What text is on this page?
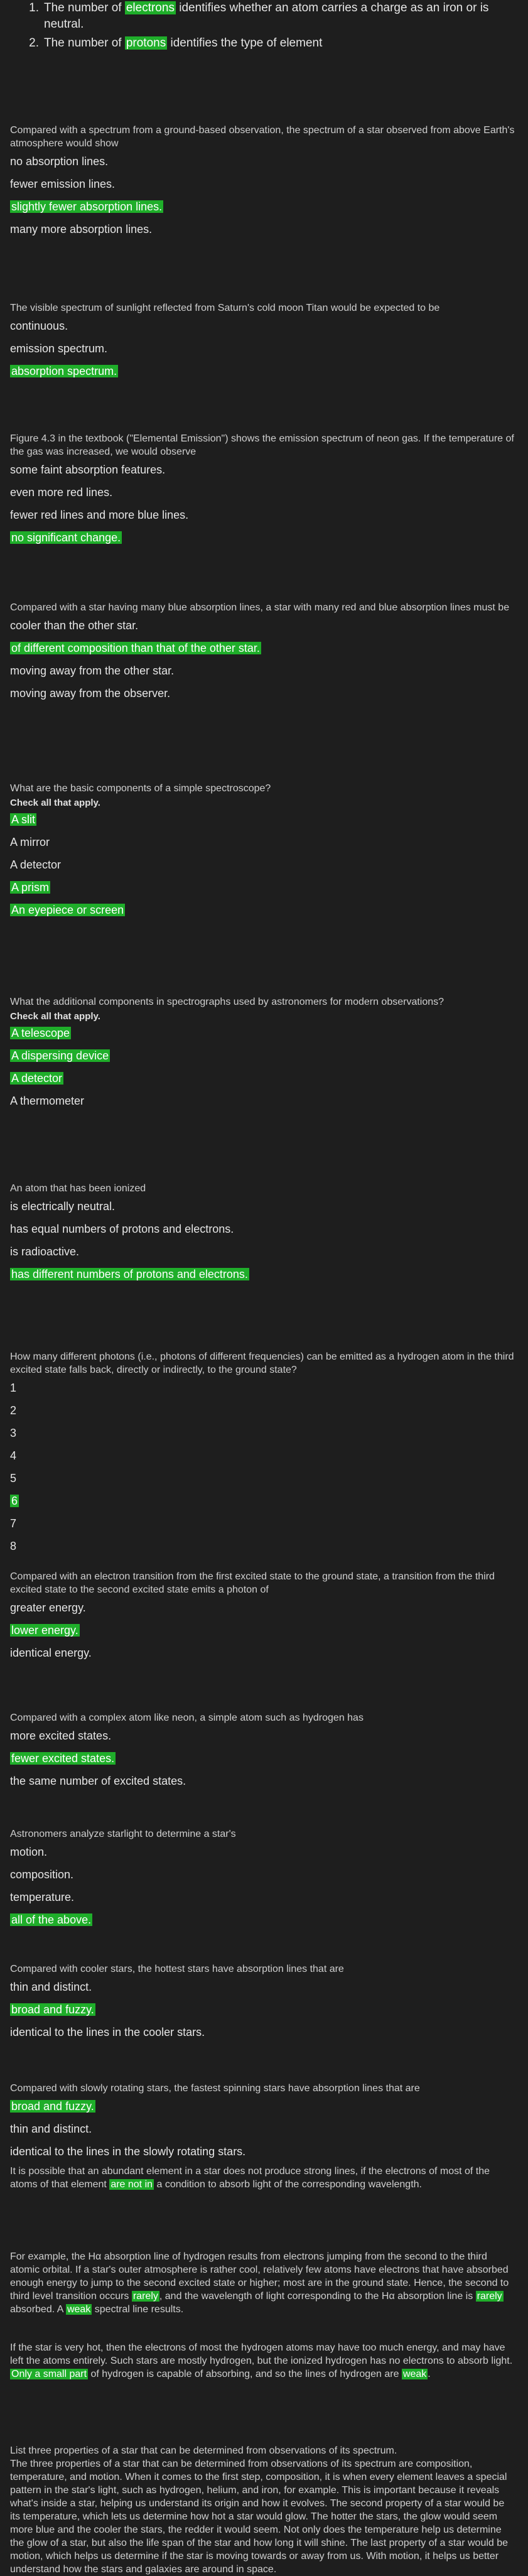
1. The number of electrons identifies whether an atom carries a charge as an iron or is neutral.
2. The number of protons identifies the type of element
Compared with a spectrum from a ground-based observation, the spectrum of a star observed from above Earth's atmosphere would show
no absorption lines.
fewer emission lines.
slightly fewer absorption lines.
many more absorption lines.
The visible spectrum of sunlight reflected from Saturn's cold moon Titan would be expected to be
continuous.
emission spectrum.
absorption spectrum.
Figure 4.3 in the textbook ("Elemental Emission") shows the emission spectrum of neon gas. If the temperature of the gas was increased, we would observe
some faint absorption features.
even more red lines.
fewer red lines and more blue lines.
no significant change.
Compared with a star having many blue absorption lines, a star with many red and blue absorption lines must be
cooler than the other star.
of different composition than that of the other star.
moving away from the other star.
moving away from the observer.
What are the basic components of a simple spectroscope?
Check all that apply.
A slit
A mirror
A detector
A prism
An eyepiece or screen
What the additional components in spectrographs used by astronomers for modern observations?
Check all that apply.
A telescope
A dispersing device
A detector
A thermometer
An atom that has been ionized
is electrically neutral.
has equal numbers of protons and electrons.
is radioactive.
has different numbers of protons and electrons.
How many different photons (i.e., photons of different frequencies) can be emitted as a hydrogen atom in the third excited state falls back, directly or indirectly, to the ground state?
1
2
3
4
5
6
7
8
Compared with an electron transition from the first excited state to the ground state, a transition from the third excited state to the second excited state emits a photon of
greater energy.
lower energy.
identical energy.
Compared with a complex atom like neon, a simple atom such as hydrogen has
more excited states.
fewer excited states.
the same number of excited states.
Astronomers analyze starlight to determine a star's
motion.
composition.
temperature.
all of the above.
Compared with cooler stars, the hottest stars have absorption lines that are
thin and distinct.
broad and fuzzy.
identical to the lines in the cooler stars.
Compared with slowly rotating stars, the fastest spinning stars have absorption lines that are
broad and fuzzy.
thin and distinct.
identical to the lines in the slowly rotating stars.
It is possible that an abundant element in a star does not produce strong lines, if the electrons of most of the atoms of that element are not in a condition to absorb light of the corresponding wavelength.
For example, the Hα absorption line of hydrogen results from electrons jumping from the second to the third atomic orbital. If a star's outer atmosphere is rather cool, relatively few atoms have electrons that have absorbed enough energy to jump to the second excited state or higher; most are in the ground state. Hence, the second to third level transition occurs rarely , and the wavelength of light corresponding to the Hα absorption line is rarely absorbed. A weak spectral line results.
If the star is very hot, then the electrons of most the hydrogen atoms may have too much energy, and may have left the atoms entirely. Such stars are mostly hydrogen, but the ionized hydrogen has no electrons to absorb light. Only a small part of hydrogen is capable of absorbing, and so the lines of hydrogen are weak .
List three properties of a star that can be determined from observations of its spectrum.
The three properties of a star that can be determined from observations of its spectrum are composition, temperature, and motion. When it comes to the first step, composition, it is when every element leaves a special pattern in the star's light, such as hydrogen, helium, and iron, for example. This is important because it reveals what's inside a star, helping us understand its origin and how it evolves. The second property of a star would be its temperature, which lets us determine how hot a star would glow. The hotter the stars, the glow would seem more blue and the cooler the stars, the redder it would seem. Not only does the temperature help us determine the glow of a star, but also the life span of the star and how long it will shine. The last property of a star would be motion, which helps us determine if the star is moving towards or away from us. With motion, it helps us better understand how the stars and galaxies are around in space.
